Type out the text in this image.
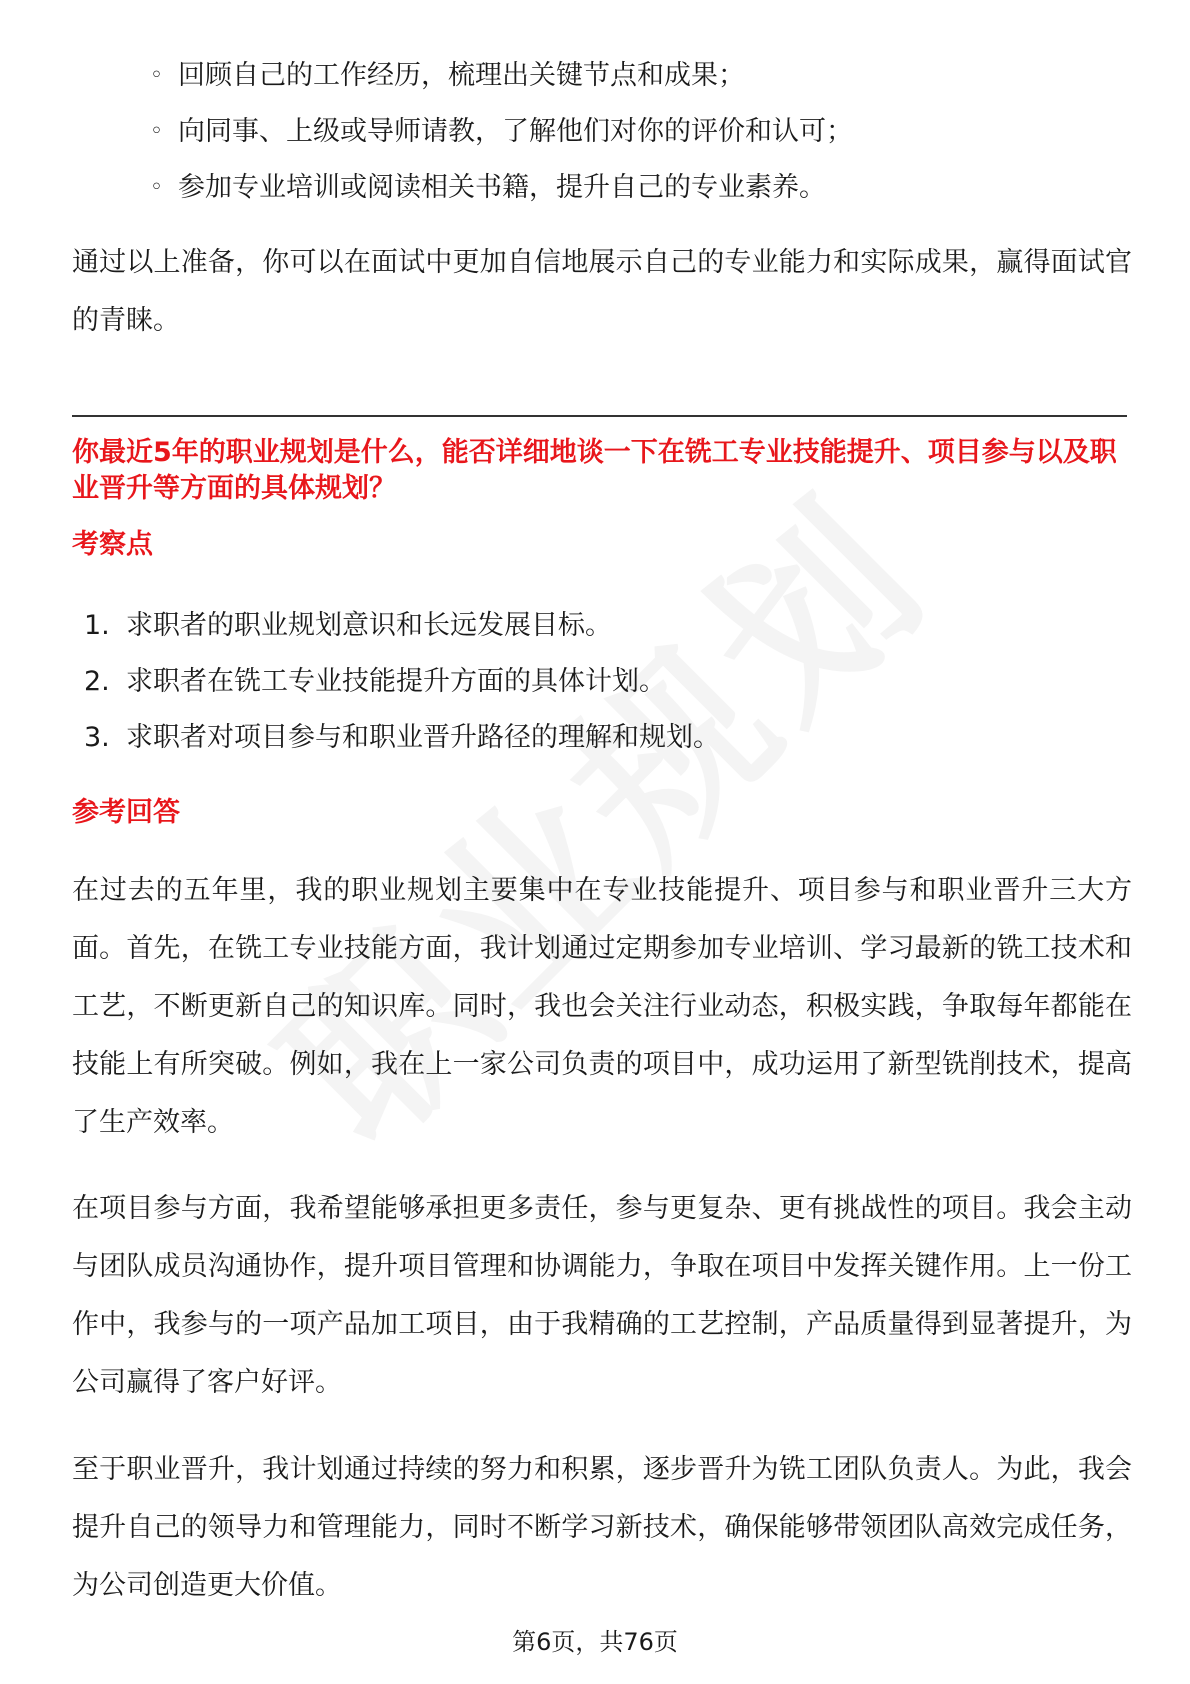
◦ 回顾自己的工作经历，梳理出关键节点和成果；
◦ 向同事、上级或导师请教，了解他们对你的评价和认可；
◦ 参加专业培训或阅读相关书籍，提升自己的专业素养。

通过以上准备，你可以在面试中更加自信地展示自己的专业能力和实际成果，赢得面试官的青睐。

你最近5年的职业规划是什么，能否详细地谈一下在铣工专业技能提升、项目参与以及职业晋升等方面的具体规划？
考察点
1. 求职者的职业规划意识和长远发展目标。
2. 求职者在铣工专业技能提升方面的具体计划。
3. 求职者对项目参与和职业晋升路径的理解和规划。
参考回答

在过去的五年里，我的职业规划主要集中在专业技能提升、项目参与和职业晋升三大方面。首先，在铣工专业技能方面，我计划通过定期参加专业培训、学习最新的铣工技术和工艺，不断更新自己的知识库。同时，我也会关注行业动态，积极实践，争取每年都能在技能上有所突破。例如，我在上一家公司负责的项目中，成功运用了新型铣削技术，提高了生产效率。

在项目参与方面，我希望能够承担更多责任，参与更复杂、更有挑战性的项目。我会主动与团队成员沟通协作，提升项目管理和协调能力，争取在项目中发挥关键作用。上一份工作中，我参与的一项产品加工项目，由于我精确的工艺控制，产品质量得到显著提升，为公司赢得了客户好评。

至于职业晋升，我计划通过持续的努力和积累，逐步晋升为铣工团队负责人。为此，我会提升自己的领导力和管理能力，同时不断学习新技术，确保能够带领团队高效完成任务，为公司创造更大价值。

第6页，共76页
